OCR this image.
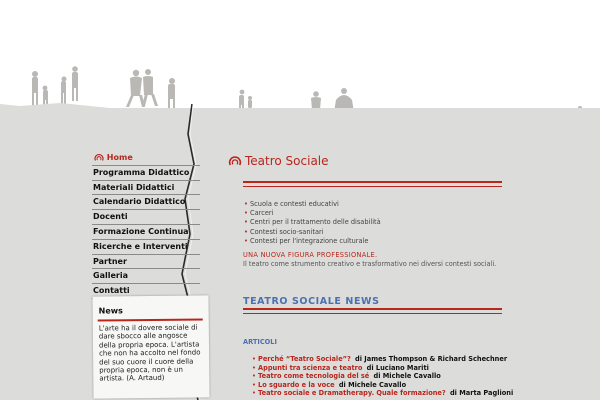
Home
Programma Didattico
Materiali Didattici
Calendario Didattico
Docenti
Formazione Continua
Ricerche e Interventi
Partner
Galleria
Contatti
News
L'arte ha il dovere sociale di dare sbocco alle angosce della propria epoca. L'artista che non ha accolto nel fondo del suo cuore il cuore della propria epoca, non è un artista. (A. Artaud)
Teatro Sociale
• Scuola e contesti educativi
• Carceri
• Centri per il trattamento delle disabilità
• Contesti socio-sanitari
• Contesti per l'integrazione culturale
UNA NUOVA FIGURA PROFESSIONALE.
Il teatro come strumento creativo e trasformativo nei diversi contesti sociali.
TEATRO SOCIALE NEWS
ARTICOLI
• Perché “Teatro Sociale”? di James Thompson & Richard Schechner
• Appunti tra scienza e teatro di Luciano Mariti
• Teatro come tecnologia del sé di Michele Cavallo
• Lo sguardo e la voce di Michele Cavallo
• Teatro sociale e Dramatherapy. Quale formazione? di Marta Paglioni
